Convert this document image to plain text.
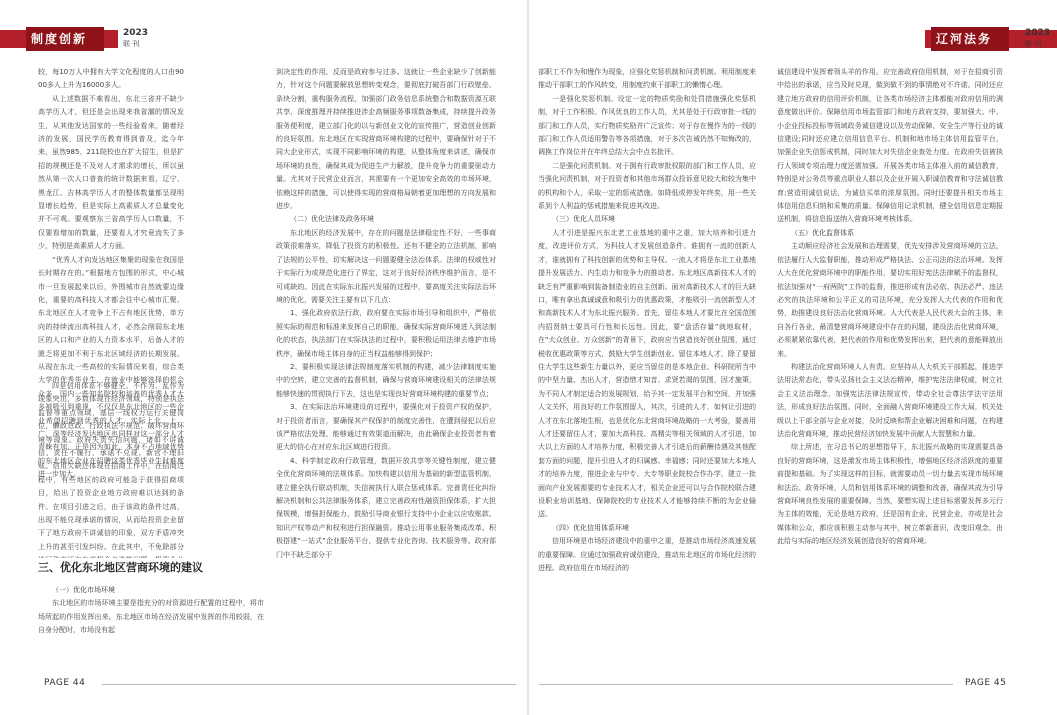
制度创新	2023
联 刊

较，每10万人中拥有大学文化程度的人口由9000多人上升为16000多人。

从上述数据不难看出，东北三省并不缺少高学历人才，但还是会出现来我省潮的情况发生，从其他发达国家的一些经验看来，随着经济的发展，国民学历教育得到普及，迄今年来，虽然985、211院校也在扩大招生，但是扩招的规模还是不及对人才需求的增长，所以虽然从第一次人口普查的统计数据来看，辽宁、黑龙江、吉林高学历人才的整体数量都呈现明显增长趋势，但是实际上高素质人才总量变化并不可观。要观察东三省高学历人口数量，不仅要看增加的数量，还要看人才究竟流失了多少，特别是高素质人才方面。

“优秀人才向发达地区集聚的现象在我国是长时期存在的。”根据地方包围的形式，中心城市一旦发展起来以后，外围城市自然就要边缘化，重要的高科技人才都会往中心城市汇聚。东北地区在人才竞争上不占有地区优势，单方向的持续流出高科技人才，必然会削弱东北地区的人口和产业的人力资本水平，后备人才的匮乏将更加不利于东北区域经济的长期发展。从现在东北一些高校的实际情况来看，综合类大学的优秀毕业生，在就业中能够选择的机会众多，国内一些知名院校和培养的优秀人才大多被吸引到重视，不仅仅是东北地区的一些企业希望招聘到优秀的人才，实际上北、上、广、深等经济发达地区也同样对这一部分人才青睐有加，正是因为如此，本身不占地域优势的东北地区企业在招聘这类优秀毕业生时难度进一步加大。

四是信用体系不够健全。不作为、乱作为现象突出，多数体现在经济领域，特别是执法监督等重点领域，基层一线权力运行关键岗位，懒政怠政、行政执法不规范、破坏营商环境等现象。政府失责失信问题，诸如不讲诚信、责任不履行、承诺不兑现、新官不理旧账。信用欠缺还体现在招商工作中，在招商过程中，有些地区的政府可能急于获得招商项目，给出了投资企业地方政府难以达到的条件。在项目引进之后，由于该政的条件过高，出现不能兑现承诺的情况，从而给投资企业留下了地方政府不讲诚信的印象，双方矛盾冲突上升的甚至引发纠纷。在此其中，不免除部分

三、优化东北地区营商环境的建议

（一）优化市场环境

东北地区的市场环境主要是指充分的对资源进行配置的过程中，将市场所起的作用发挥出来。东北地区市场在经济发展中发挥的作用较弱，在自身分配时，市场没有起

到决定性的作用，反而是政府参与过多。这就让一些企业缺少了创新能力，针对这个问题要解放思想转变观念，要彻底打破吾部门行政壁垒、条块分割，重构服务流程，加强部门政务信息系统整合和数据资源互联共享，深度推理并持续推进涉企高频服务事项数备集成，持续提升政务服务便利度，建立部门化的以与新创业文化的宣传推广，营造创业创新的良好氛围。东北地区在实现营商环境构建的过程中，要确保针对于不同大企业形式，实现不同影响环境的构建，从整体角度来讲述，确保市场环境的良性，确保其成为促进生产力解放，提升竞争力的重要驱动力量。尤其对于民营企业而言，其需要有一个更加安全高效的市场环境，依赖这样的措施，可以使得实现的营商格局朝着更加理想的方向发展和进步。

（二）优化法律及政务环境

东北地区的经济发展中，存在的问题是法律稳定性不好，一些事商政策很难落实，降低了投资方的积极性。还有不健全的立法机制，影响了法规的公平性，切实解决这一问题要健全法治体系。法律的权威性对于实际行为或规范化进行了界定，这对于良好经济秩序维护而言，是不可或缺的。因此在实际东北振兴发展的过程中，要高度关注实际法治环境的优化，需要关注主要有以下几点：

1、强化政府依法行政，政府要在实际市场引导和组织中，严格依照实际的规范和标准来发挥自己的职能，确保实际营商环境进入到法制化的状态，执法部门在实际执法的过程中，要积极运用法律去维护市场秩序，确保市场主体自身的正当权益能够得到保护；

2、要积极实现法律法规制度落实机制的构建，减少法律制度实施中的空转，建立完善的监督机制，确保与营商环境建设相关的法律法规能够快速的贯彻执行下去，这也是实现良好营商环境构建的重要节点；

3、在实际法治环境建设的过程中，要强化对于投资产权的保护，对于投资者而言，要确保其产权保护的制度完善性，在遭到侵犯以后应该严格依法处理，能够通过有效渠道而解决，由此确保企业投资者有着更大的信心在对应东北区域进行投资。

4、科学制定政府行政管理，数据开放共享等关键性制度，建立健全优化营商环境的法规体系。加快构建以信用为基础的新型监管机制，建立健全执行联动机制，失信被执行人联合惩戒体系。完善责任化纠纷解决机制和公共法律服务体系，建立完善政府性融资担保体系，扩大担保规模，增强担保能力，鼓励引导商业银行支持中小企业以应收账款、知识产权等动产和权利进行担保融资。推动公用事业服务集成改革。积极搭建“一站式”企业服务平台，提供专业化咨询、技术服务等。政府部门中不缺乏部分干

PAGE 44
辽河法务	2023
联 刊

部职工不作为和慢作为现象，应强化奖惩机制和问责机制。利用制度来推动干部职工的作风转变，用制度约束干部职工的懒惰心理。

一是强化奖惩机制。设定一定的物质奖励和处罚措施强化奖惩机制，对于工作积极、作风优良的工作人员，尤其是处于行政审批一线的部门和工作人员，实行物质奖励并广泛宣传；对于存在慢作为的一线的部门和工作人员适用警告等各项措施，对于多次告诫仍然不知悔改的，调换工作岗位并在年终总结大会中点名批评。

二是强化问责机制。对于拥有行政审批权限的部门和工作人员，应当强化问责机制，对于投资者和其他市场群众投诉意见较大和较为集中的机构和个人，采取一定的惩戒措施。如降低或停发年终奖，用一些关系到个人利益的惩戒措施来促进其改进。

（三）优化人员环境

人才引进是振兴东北老工业基地的重中之重，加大培养和引进力度，改进评价方式，为科技人才发展创造条件。谁拥有一流的创新人才，谁就拥有了科技创新的优势和主导权。一流人才将是东北工业基地提升发展活力、内生动力和竞争力的推动者。东北地区高新技术人才的缺乏有严重影响到装备制造业的自主创新。面对高新技术人才的巨大缺口，唯有拿出真诚诚意和吸引力的优惠政策，才能吸引一流创新型人才和高新技术人才为东北振兴服务。首先，留住本地人才要比在全国范围内招贤纳士要具可行性和长远性。因此，要“盘活存量”就地取材，在“大众创业、万众创新”的背景下，政府应当营造良好创业氛围，通过税收优惠政策等方式，鼓励大学生创新创业。留住本地人才，除了要留住大学生这些新生力量以外，更应当留住的是本地企业、科研院所当中的中坚力量、杰出人才，营造惜才知音、求贤若渴的氛围，因才施策，为不同人才制定适合的发展规划，给予其一定发展平台和空间，并加强人文关怀，用良好的工作氛围留人，其次，引进的人才，如何让引进的人才在东北落地生根，也是优化东北营商环境战略的一大考验，要善用人才还要留住人才，要加大高科技、高精尖等相关领域的人才引进，加大以上方面的人才培养力度，积极完善人才引进后的薪酬待遇及其他配套方面的问题，提升引进人才的归属感、幸福感；同时还要加大本地人才的培养力度，推进企业与中专、大专等职业院校合作办学，建立一批面向产业发展需要的专业技术人才，相关企业还可以与合作院校联合建设职业培训基地，保障院校的专业技术人才能够持续不断的为企业输送。

（四）优化信用体系环境

信用环境是市场经济建设中的重中之重，是推动市场经济高速发展的重要保障。应通过加强政府诚信建设，推动东北地区的市场化经济的进程。政府信用在市场经济的

诚信建设中发挥着领头羊的作用。应完善政府信用机制，对于在招商引资中给出的承诺，应当及时兑现，做到做不到的事情绝对不许诺。同时还应建立地方政府的信用评价机制，让各类市场经济主体都能对政府信用的满意度做出评价。保障信用市场监管部门和地方政府支持，要加强大、中、小企业投标投标等领域政务诚信建设以及劳动保障、安全生产等行业的诚信建设;同时还应建立信用信息平台、机制和地市场主体信用监管平台，加强企业失信惩戒机制，同时加大对失信企业查处力度。在政府失信被执行人领域专项治理力度还需加强。开展各类市场主体准入前的诚信教育，特别是对公务员等重点职业人群以及企业开展入职诚信教育和守法诚信教育;营造用诚信说话，为诚信买单的浓厚氛围。同时还要提升相关市场主体信用信息归纳和采集的质量。保障信用记录机制，健全信用信息定期报送机制，将信息报送纳入营商环境考核体系。

（五）优化监督体系

主动顺应经济社会发展和治理需要，优先安排涉及营商环境的立法，依法履行人大监督职能，推动形成严格执法、公正司法的法治环境。发挥人大在优化营商环境中的职能作用，要切实用好宪法法律赋予的监督权，依法加强对“一府两院”工作的监督，推进形成有法必依、执法必严、违法必究的执法环境和公平正义的司法环境，充分发挥人大代表的作用和优势，助推建设良好法治化营商环境。人大代表是人民代表大会的主体，来自各行各业，最清楚营商环境建设中存在的问题，建设法治化营商环境，必须紧紧依靠代表，把代表的作用和优势发挥出来，把代表的意能释放出来。

构建法治化营商环境人人有责。应坚持从人大机关干部抓起，推进学法用法常态化，带头弘扬社会主义法治精神，维护宪法法律权威，树立社会主义法治理念，加强宪法法律法规宣传，带动全社会尊法学法守法用法，形成良好法治氛围。同时，全面融入营商环境建设工作大局，机关处级以上干部全部与企业对接，及时反映和帮企业解决困难和问题，在构建法治化营商环境，推动民营经济加快发展中贡献人大智慧和力量。

综上所述，在习总书记的思想指导下，东北振兴战略的实现需要具备良好的营商环境，这是激发市场主体积极性，增强地区经济活跃度的重要前提和基础。为了实现这样的目标，就需要动员一切力量去实现市场环境和法治、政务环境、人员和信用体系环境的调整和改善，确保其成为引导营商环境良性发展的重要保障。当然，要想实现上述目标需要发挥多元行为主体的效能，无论是地方政府，还是国有企业，民营企业，亦或是社会媒体和公众，都应该积极主动参与其中，树立革新意识，改变旧观念，由此给与实际的地区经济发展创造良好的营商环境。

PAGE 45
